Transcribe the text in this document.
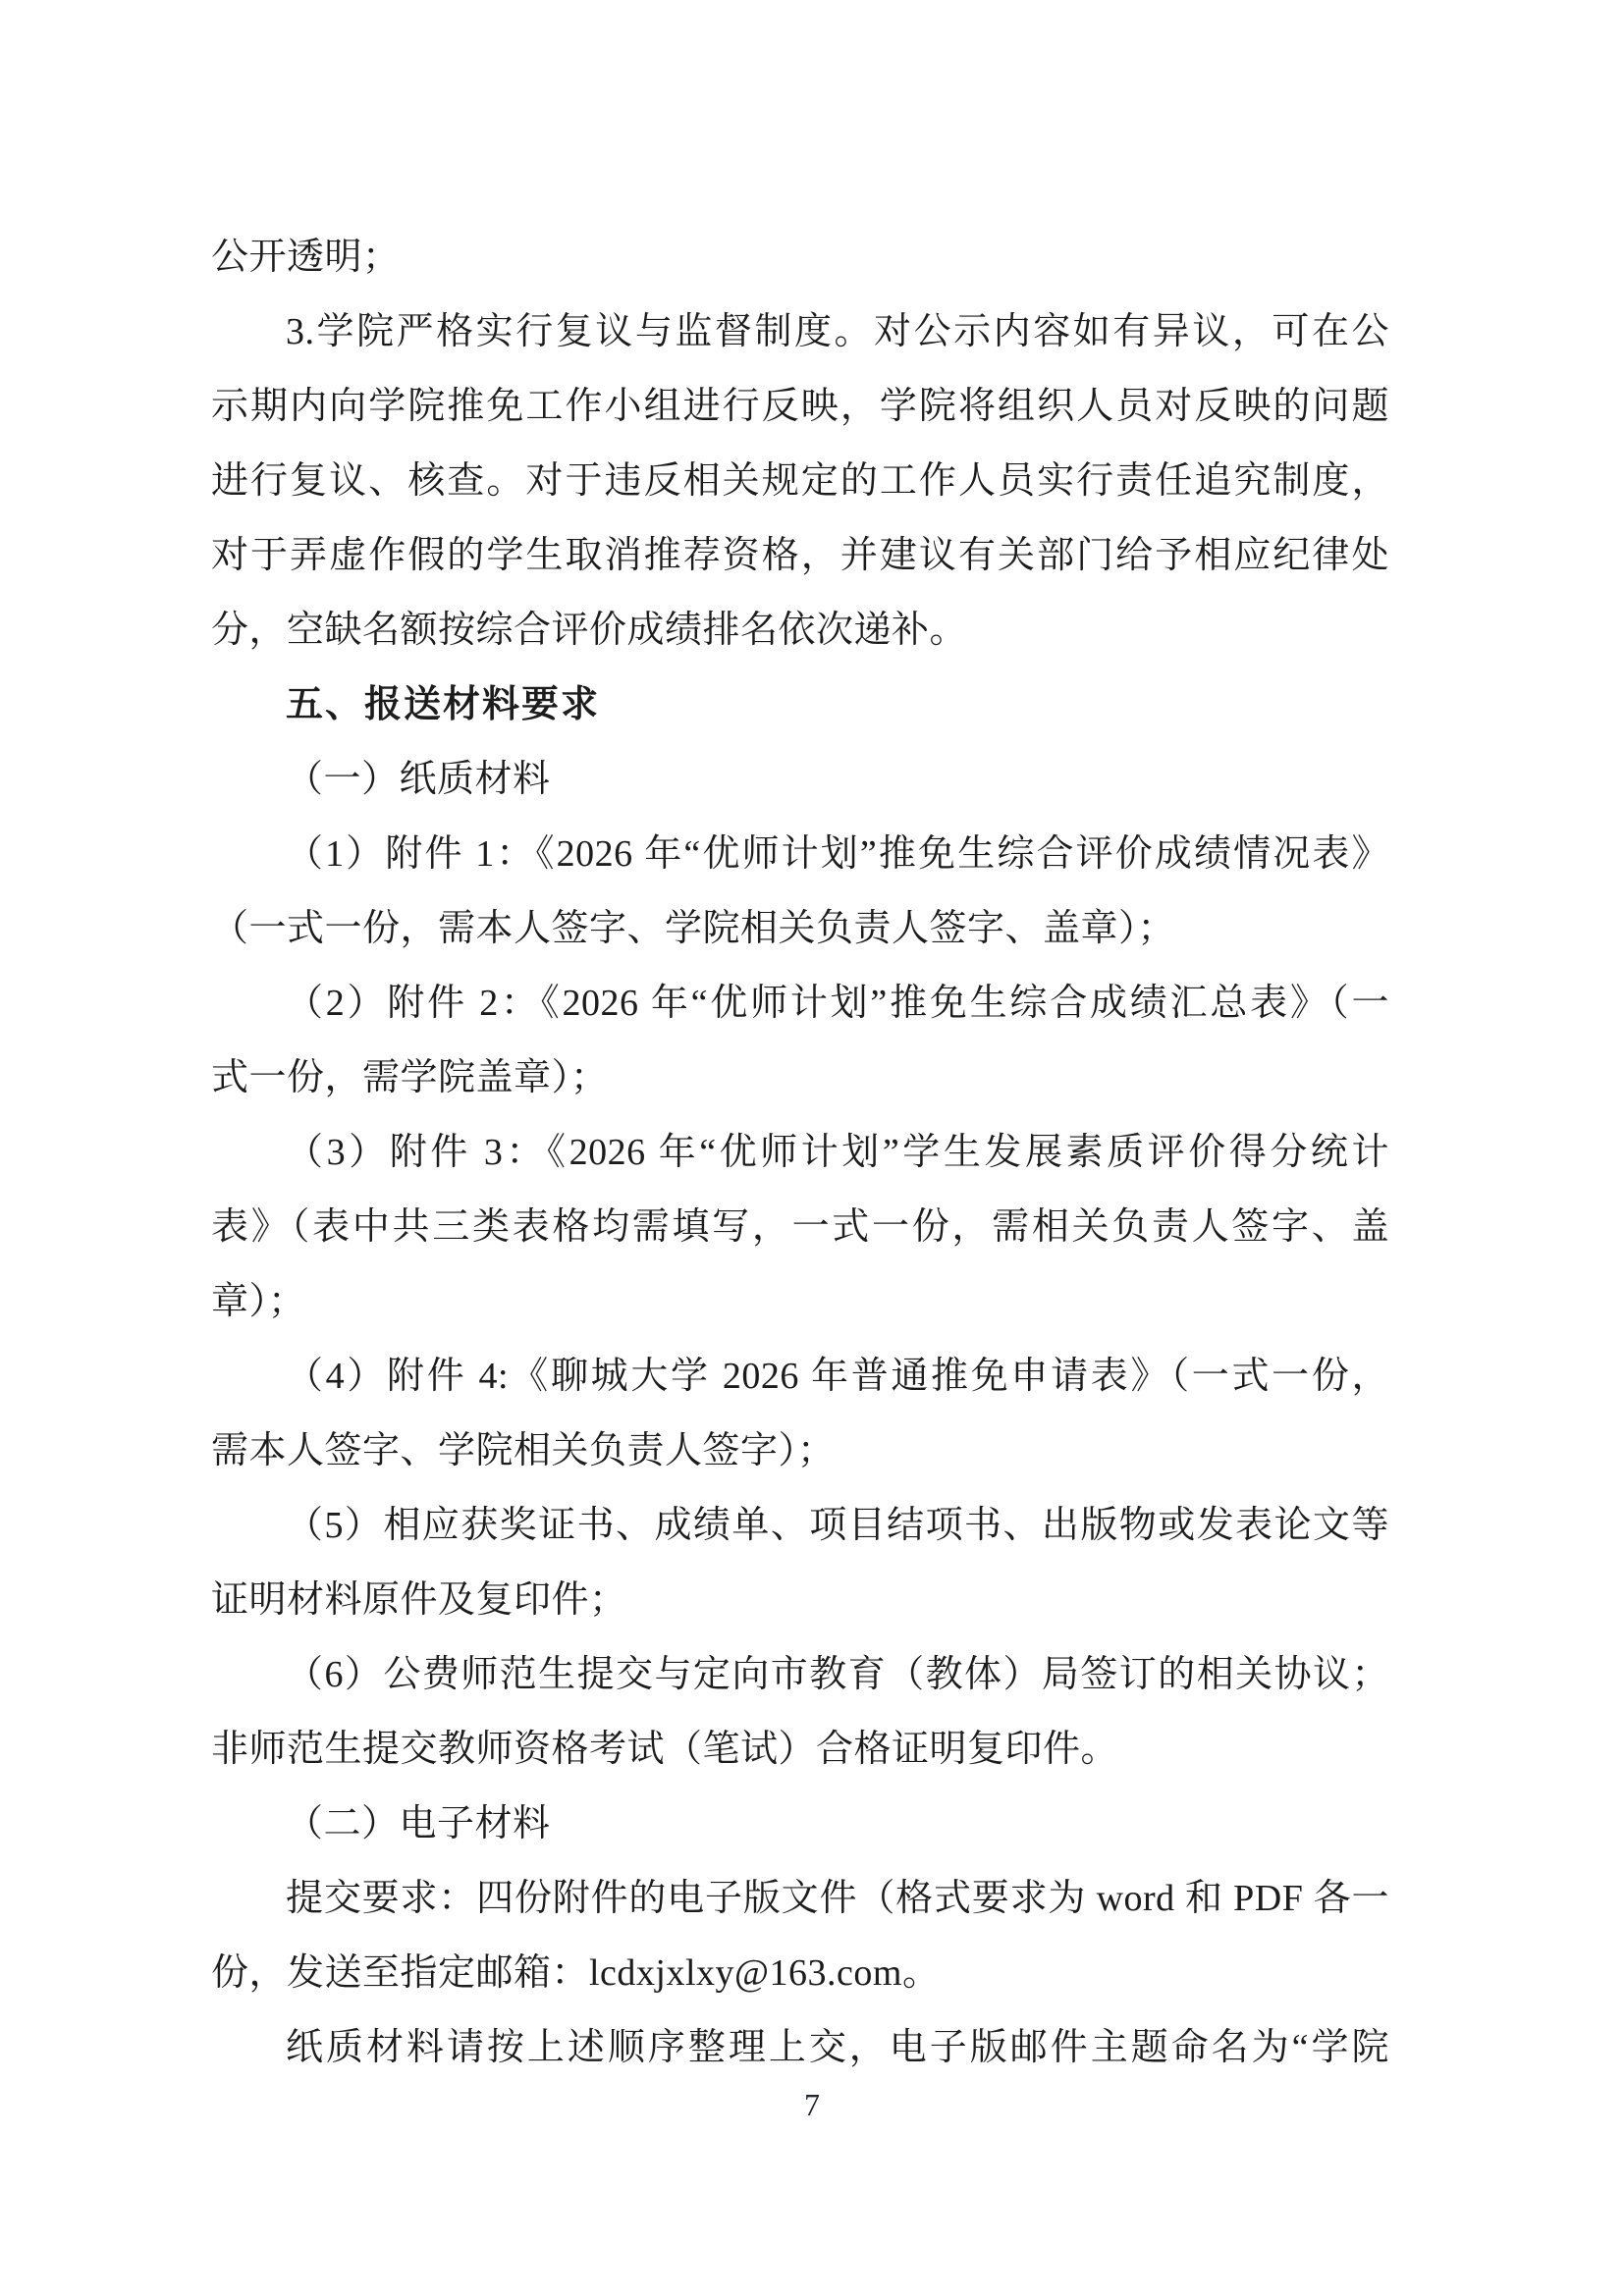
公开透明；
3.学院严格实行复议与监督制度。对公示内容如有异议，可在公
示期内向学院推免工作小组进行反映，学院将组织人员对反映的问题
进行复议、核查。对于违反相关规定的工作人员实行责任追究制度，
对于弄虚作假的学生取消推荐资格，并建议有关部门给予相应纪律处
分，空缺名额按综合评价成绩排名依次递补。
五、报送材料要求
（一）纸质材料
（1）附件 1：《2026 年“优师计划”推免生综合评价成绩情况表》
（一式一份，需本人签字、学院相关负责人签字、盖章）；
（2）附件 2：《2026 年“优师计划”推免生综合成绩汇总表》（一
式一份，需学院盖章）；
（3）附件 3：《2026 年“优师计划”学生发展素质评价得分统计
表》（表中共三类表格均需填写，一式一份，需相关负责人签字、盖
章）；
（4）附件 4:《聊城大学 2026 年普通推免申请表》（一式一份，
需本人签字、学院相关负责人签字）；
（5）相应获奖证书、成绩单、项目结项书、出版物或发表论文等
证明材料原件及复印件；
（6）公费师范生提交与定向市教育（教体）局签订的相关协议；
非师范生提交教师资格考试（笔试）合格证明复印件。
（二）电子材料
提交要求：四份附件的电子版文件（格式要求为 word 和 PDF 各一
份，发送至指定邮箱：lcdxjxlxy@163.com。
纸质材料请按上述顺序整理上交，电子版邮件主题命名为“学院
7
